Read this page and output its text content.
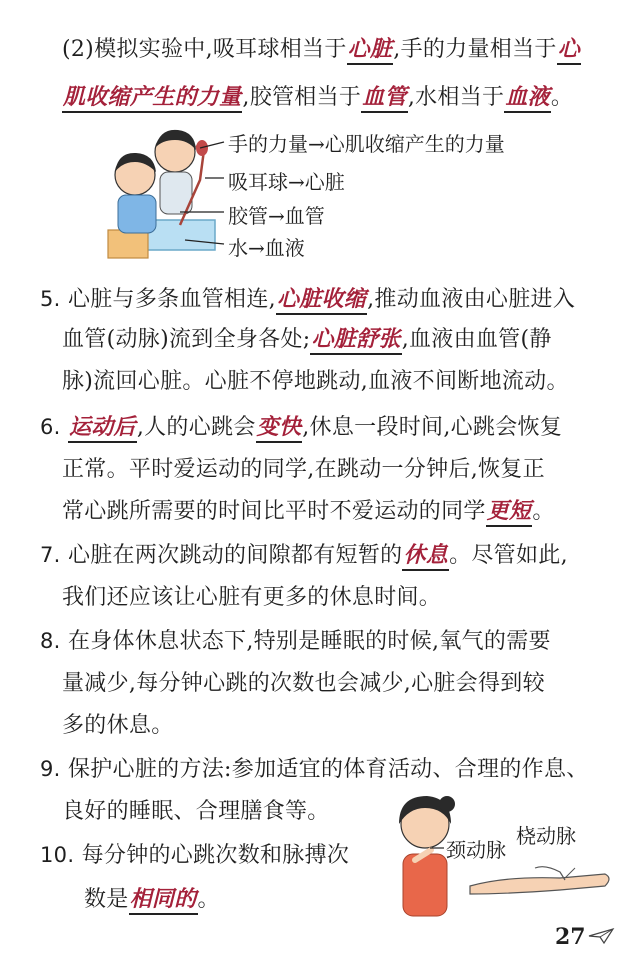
(2)模拟实验中,吸耳球相当于心脏,手的力量相当于心
肌收缩产生的力量,胶管相当于血管,水相当于血液。
手的力量→心肌收缩产生的力量
吸耳球→心脏
胶管→血管
水→血液
5. 心脏与多条血管相连,心脏收缩,推动血液由心脏进入
血管(动脉)流到全身各处;心脏舒张,血液由血管(静
脉)流回心脏。心脏不停地跳动,血液不间断地流动。
6. 运动后,人的心跳会变快,休息一段时间,心跳会恢复
正常。平时爱运动的同学,在跳动一分钟后,恢复正
常心跳所需要的时间比平时不爱运动的同学更短。
7. 心脏在两次跳动的间隙都有短暂的休息。尽管如此,
我们还应该让心脏有更多的休息时间。
8. 在身体休息状态下,特别是睡眠的时候,氧气的需要
量减少,每分钟心跳的次数也会减少,心脏会得到较
多的休息。
9. 保护心脏的方法:参加适宜的体育活动、合理的作息、
良好的睡眠、合理膳食等。
10. 每分钟的心跳次数和脉搏次
数是相同的。
颈动脉
桡动脉
27
